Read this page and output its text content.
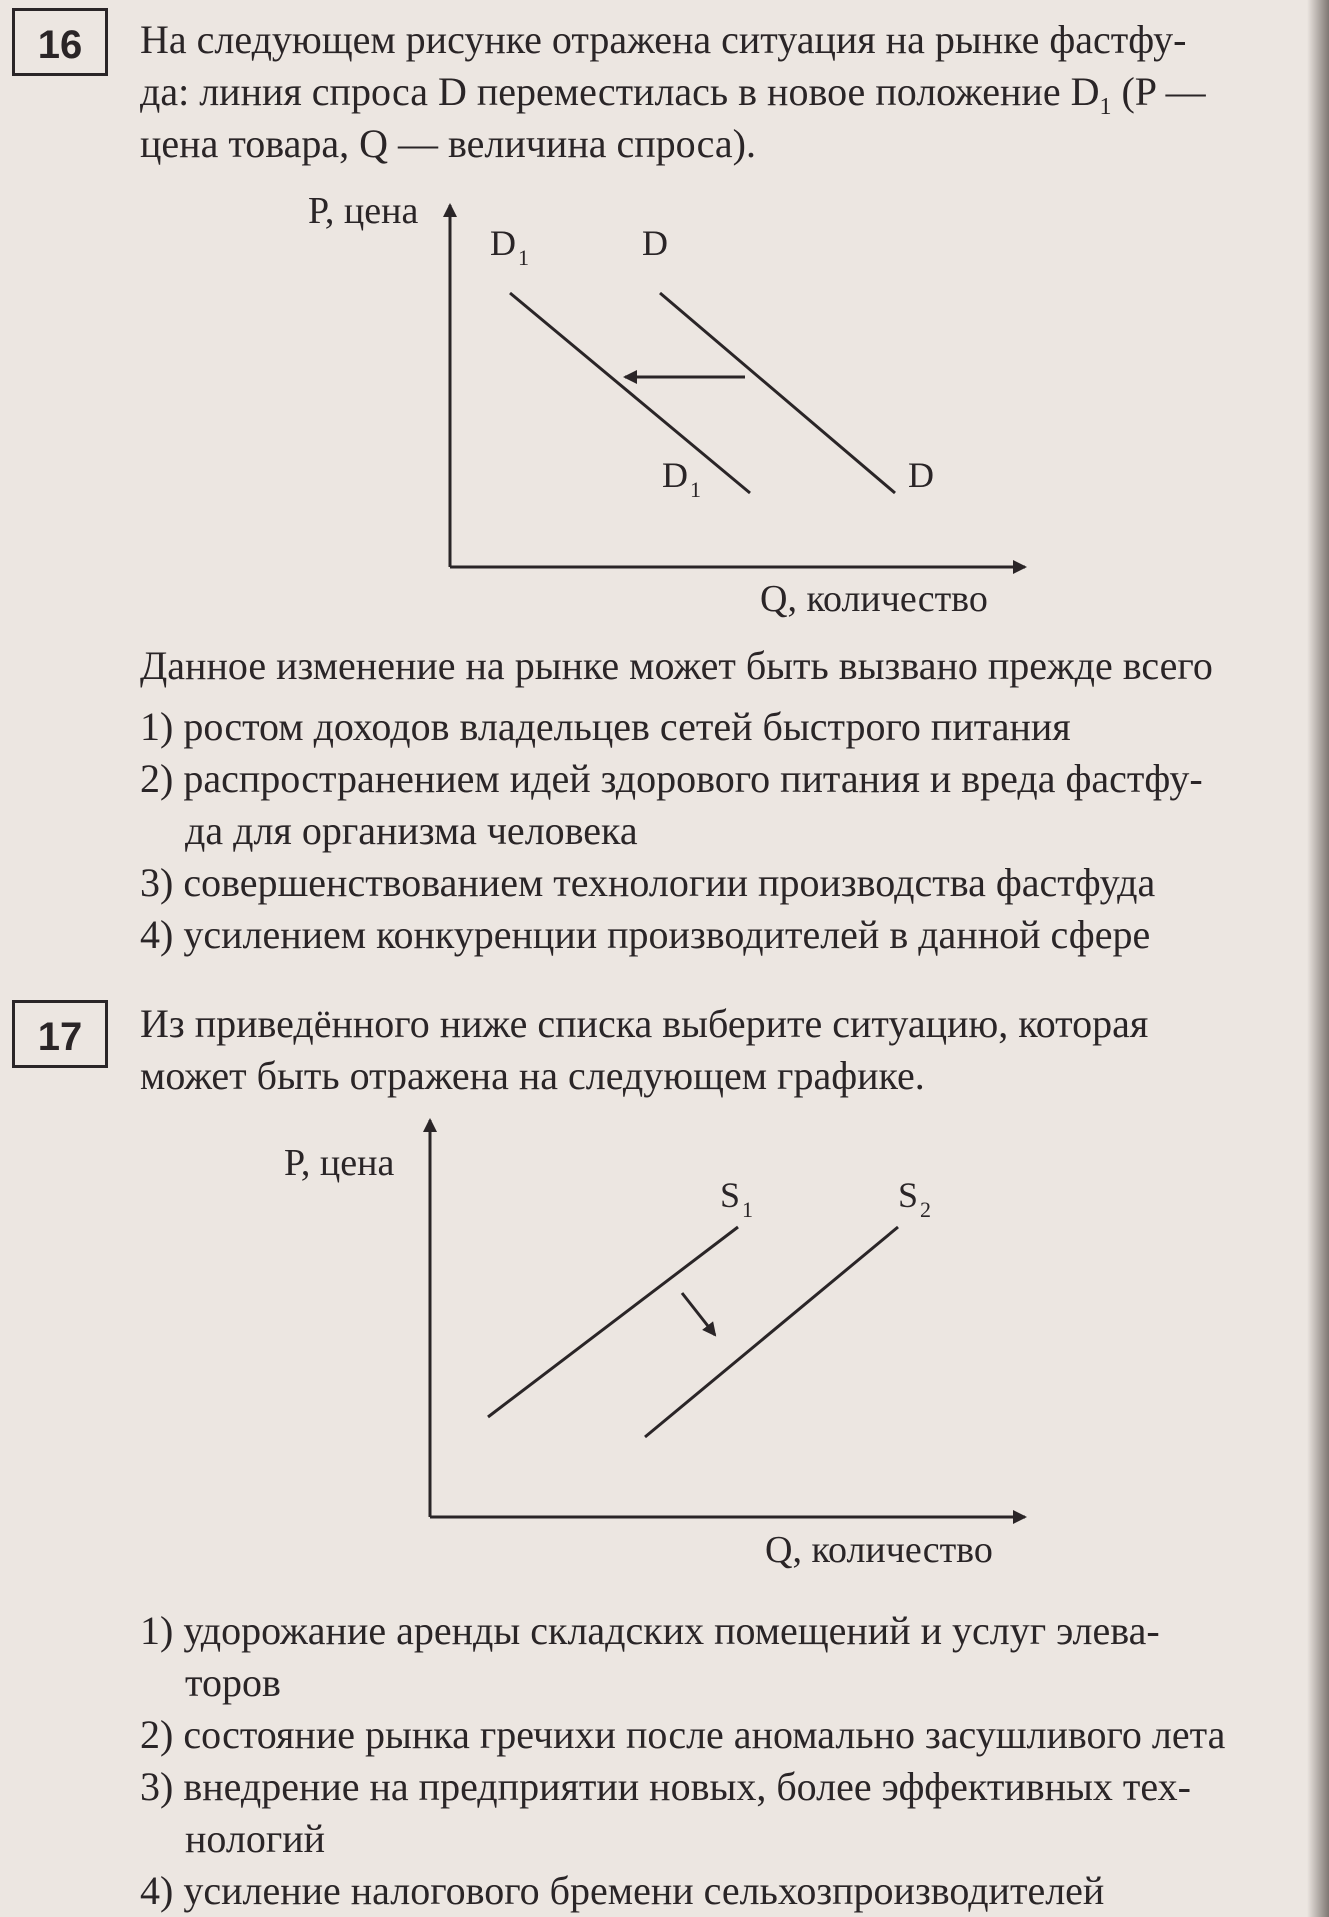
16	На следующем рисунке отражена ситуация на рынке фастфу-
да: линия спроса D переместилась в новое положение $D_1$ (P —
цена товара, Q — величина спроса).
P, цена
Q, количество
D 1	D
D 1	D
Данное изменение на рынке может быть вызвано прежде всего
1) ростом доходов владельцев сетей быстрого питания
2) распространением идей здорового питания и вреда фастфу-
да для организма человека
3) совершенствованием технологии производства фастфуда
4) усилением конкуренции производителей в данной сфере
17	Из приведённого ниже списка выберите ситуацию, которая
может быть отражена на следующем графике.
P, цена
Q, количество
S 1	S 2
1) удорожание аренды складских помещений и услуг элева-
торов
2) состояние рынка гречихи после аномально засушливого лета
3) внедрение на предприятии новых, более эффективных тех-
нологий
4) усиление налогового бремени сельхозпроизводителей
